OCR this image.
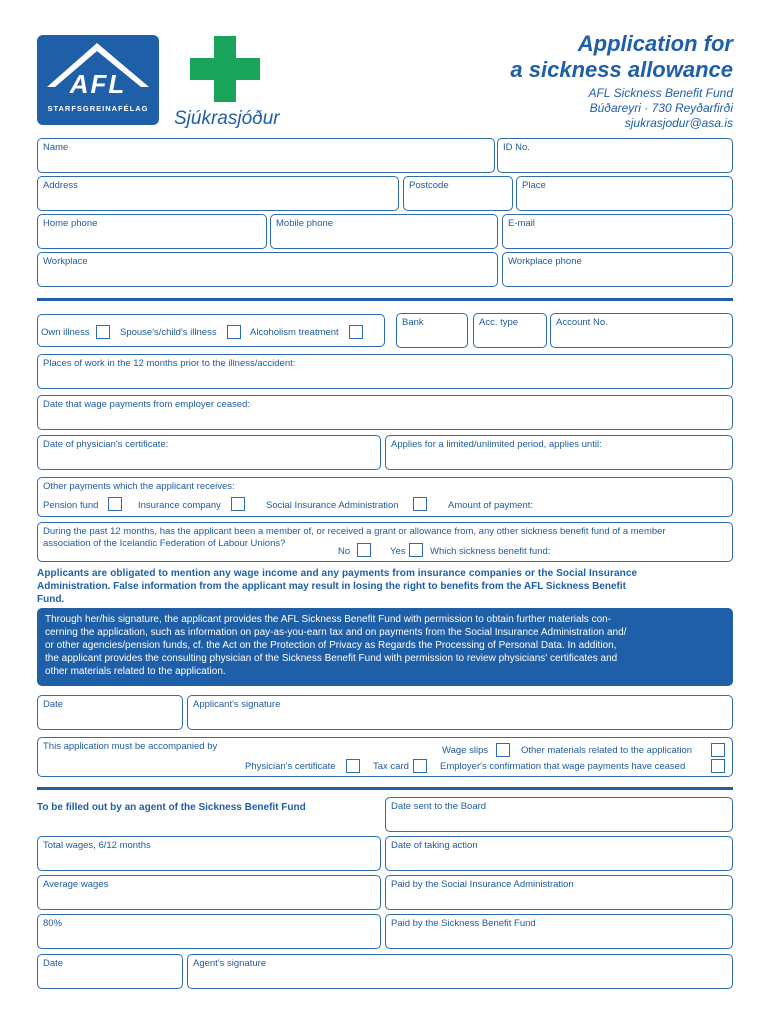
AFL
STARFSGREINAFÉLAG	Sjúkrasjóður
Application for
a sickness allowance
AFL Sickness Benefit Fund
Búðareyri · 730 Reyðarfirði
sjukrasjodur@asa.is
Name	ID No.
Address	Postcode	Place
Home phone	Mobile phone	E-mail
Workplace	Workplace phone
Own illness	Spouse's/child's illness	Alcoholism treatment
Bank	Acc. type	Account No.
Places of work in the 12 months prior to the illness/accident:
Date that wage payments from employer ceased:
Date of physician's certificate:	Applies for a limited/unlimited period, applies until:
Other payments which the applicant receives:
Pension fund	Insurance company	Social Insurance Administration	Amount of payment:
During the past 12 months, has the applicant been a member of, or received a grant or allowance from, any other sickness benefit fund of a member
association of the Icelandic Federation of Labour Unions?
No	Yes	Which sickness benefit fund:
Applicants are obligated to mention any wage income and any payments from insurance companies or the Social Insurance
Administration. False information from the applicant may result in losing the right to benefits from the AFL Sickness Benefit
Fund.
Through her/his signature, the applicant provides the AFL Sickness Benefit Fund with permission to obtain further materials con-
cerning the application, such as information on pay-as-you-earn tax and on payments from the Social Insurance Administration and/
or other agencies/pension funds, cf. the Act on the Protection of Privacy as Regards the Processing of Personal Data. In addition,
the applicant provides the consulting physician of the Sickness Benefit Fund with permission to review physicians' certificates and
other materials related to the application.
Date	Applicant's signature
This application must be accompanied by	Wage slips	Other materials related to the application
Physician's certificate	Tax card	Employer's confirmation that wage payments have ceased
To be filled out by an agent of the Sickness Benefit Fund	Date sent to the Board
Total wages, 6/12 months	Date of taking action
Average wages	Paid by the Social Insurance Administration
80%	Paid by the Sickness Benefit Fund
Date	Agent's signature
